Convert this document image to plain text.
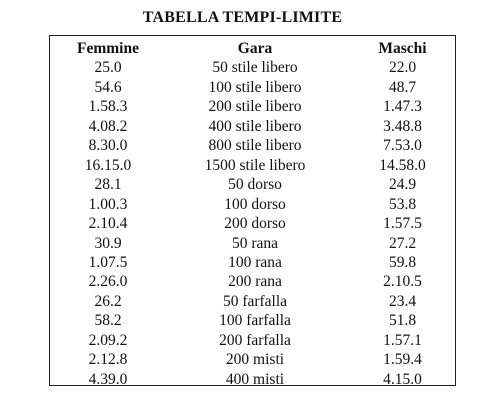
TABELLA TEMPI-LIMITE
Femmine	Gara	Maschi
25.0	50 stile libero	22.0
54.6	100 stile libero	48.7
1.58.3	200 stile libero	1.47.3
4.08.2	400 stile libero	3.48.8
8.30.0	800 stile libero	7.53.0
16.15.0	1500 stile libero	14.58.0
28.1	50 dorso	24.9
1.00.3	100 dorso	53.8
2.10.4	200 dorso	1.57.5
30.9	50 rana	27.2
1.07.5	100 rana	59.8
2.26.0	200 rana	2.10.5
26.2	50 farfalla	23.4
58.2	100 farfalla	51.8
2.09.2	200 farfalla	1.57.1
2.12.8	200 misti	1.59.4
4.39.0	400 misti	4.15.0
